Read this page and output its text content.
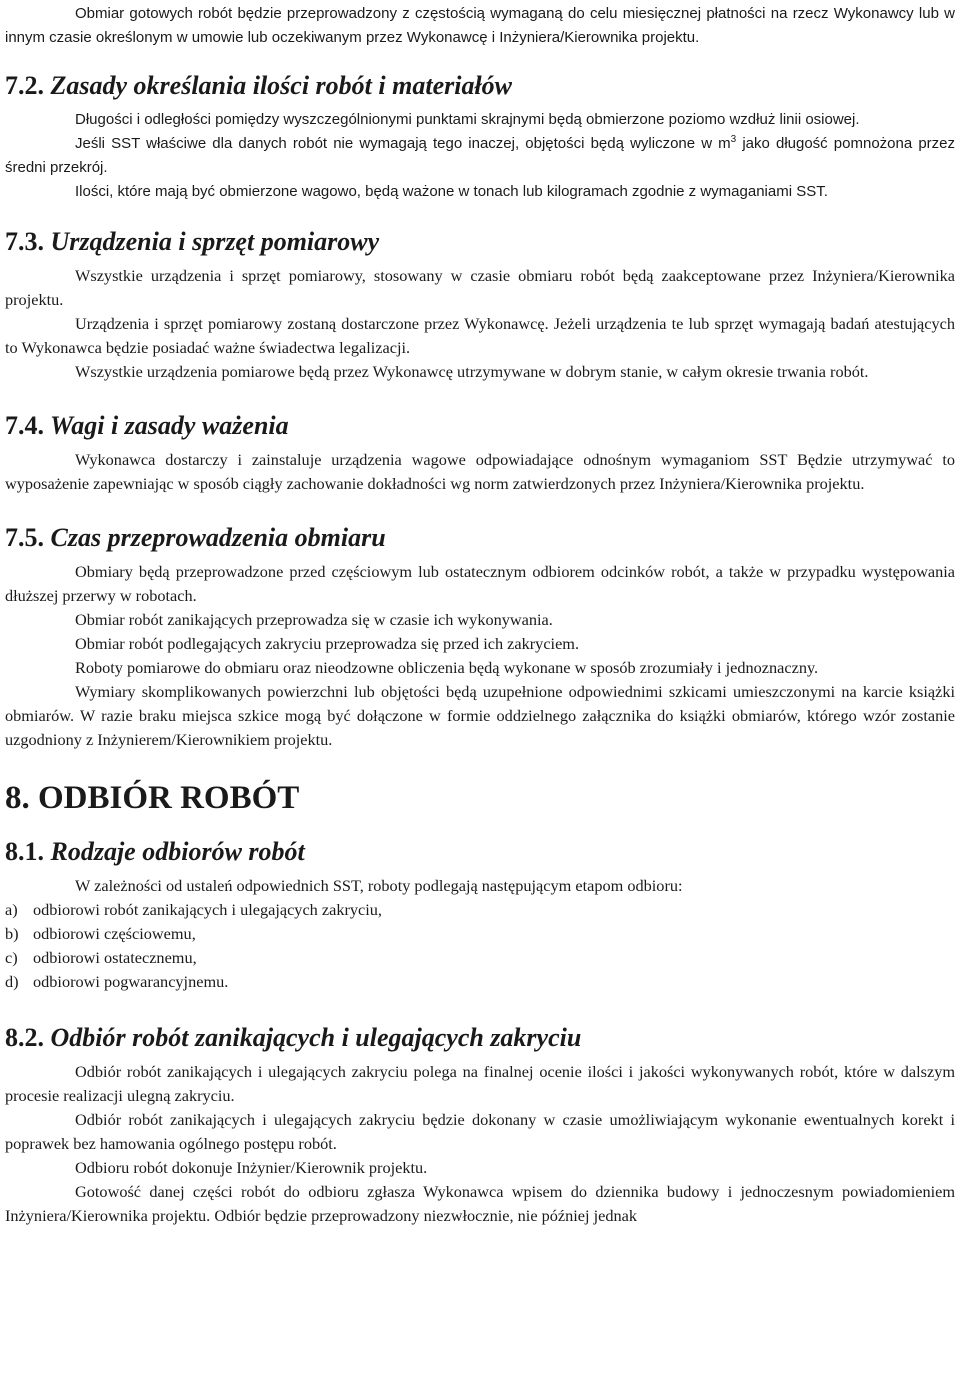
Obmiar gotowych robót będzie przeprowadzony z częstością wymaganą do celu miesięcznej płatności na rzecz Wykonawcy lub w innym czasie określonym w umowie lub oczekiwanym przez Wykonawcę i Inżyniera/Kierownika projektu.

7.2. Zasady określania ilości robót i materiałów

Długości i odległości pomiędzy wyszczególnionymi punktami skrajnymi będą obmierzone poziomo wzdłuż linii osiowej.

Jeśli SST właściwe dla danych robót nie wymagają tego inaczej, objętości będą wyliczone w $m^3$ jako długość pomnożona przez średni przekrój.

Ilości, które mają być obmierzone wagowo, będą ważone w tonach lub kilogramach zgodnie z wymaganiami SST.

7.3. Urządzenia i sprzęt pomiarowy

Wszystkie urządzenia i sprzęt pomiarowy, stosowany w czasie obmiaru robót będą zaakceptowane przez Inżyniera/Kierownika projektu.

Urządzenia i sprzęt pomiarowy zostaną dostarczone przez Wykonawcę. Jeżeli urządzenia te lub sprzęt wymagają badań atestujących to Wykonawca będzie posiadać ważne świadectwa legalizacji.

Wszystkie urządzenia pomiarowe będą przez Wykonawcę utrzymywane w dobrym stanie, w całym okresie trwania robót.

7.4. Wagi i zasady ważenia

Wykonawca dostarczy i zainstaluje urządzenia wagowe odpowiadające odnośnym wymaganiom SST Będzie utrzymywać to wyposażenie zapewniając w sposób ciągły zachowanie dokładności wg norm zatwierdzonych przez Inżyniera/Kierownika projektu.

7.5. Czas przeprowadzenia obmiaru

Obmiary będą przeprowadzone przed częściowym lub ostatecznym odbiorem odcinków robót, a także w przypadku występowania dłuższej przerwy w robotach.

Obmiar robót zanikających przeprowadza się w czasie ich wykonywania.

Obmiar robót podlegających zakryciu przeprowadza się przed ich zakryciem.

Roboty pomiarowe do obmiaru oraz nieodzowne obliczenia będą wykonane w sposób zrozumiały i jednoznaczny.

Wymiary skomplikowanych powierzchni lub objętości będą uzupełnione odpowiednimi szkicami umieszczonymi na karcie książki obmiarów. W razie braku miejsca szkice mogą być dołączone w formie oddzielnego załącznika do książki obmiarów, którego wzór zostanie uzgodniony z Inżynierem/Kierownikiem projektu.

8. ODBIÓR ROBÓT
8.1. Rodzaje odbiorów robót

W zależności od ustaleń odpowiednich SST, roboty podlegają następującym etapom odbioru:

a) odbiorowi robót zanikających i ulegających zakryciu,

b) odbiorowi częściowemu,

c) odbiorowi ostatecznemu,

d) odbiorowi pogwarancyjnemu.

8.2. Odbiór robót zanikających i ulegających zakryciu

Odbiór robót zanikających i ulegających zakryciu polega na finalnej ocenie ilości i jakości wykonywanych robót, które w dalszym procesie realizacji ulegną zakryciu.

Odbiór robót zanikających i ulegających zakryciu będzie dokonany w czasie umożliwiającym wykonanie ewentualnych korekt i poprawek bez hamowania ogólnego postępu robót.

Odbioru robót dokonuje Inżynier/Kierownik projektu.

Gotowość danej części robót do odbioru zgłasza Wykonawca wpisem do dziennika budowy i jednoczesnym powiadomieniem Inżyniera/Kierownika projektu. Odbiór będzie przeprowadzony niezwłocznie, nie później jednak
